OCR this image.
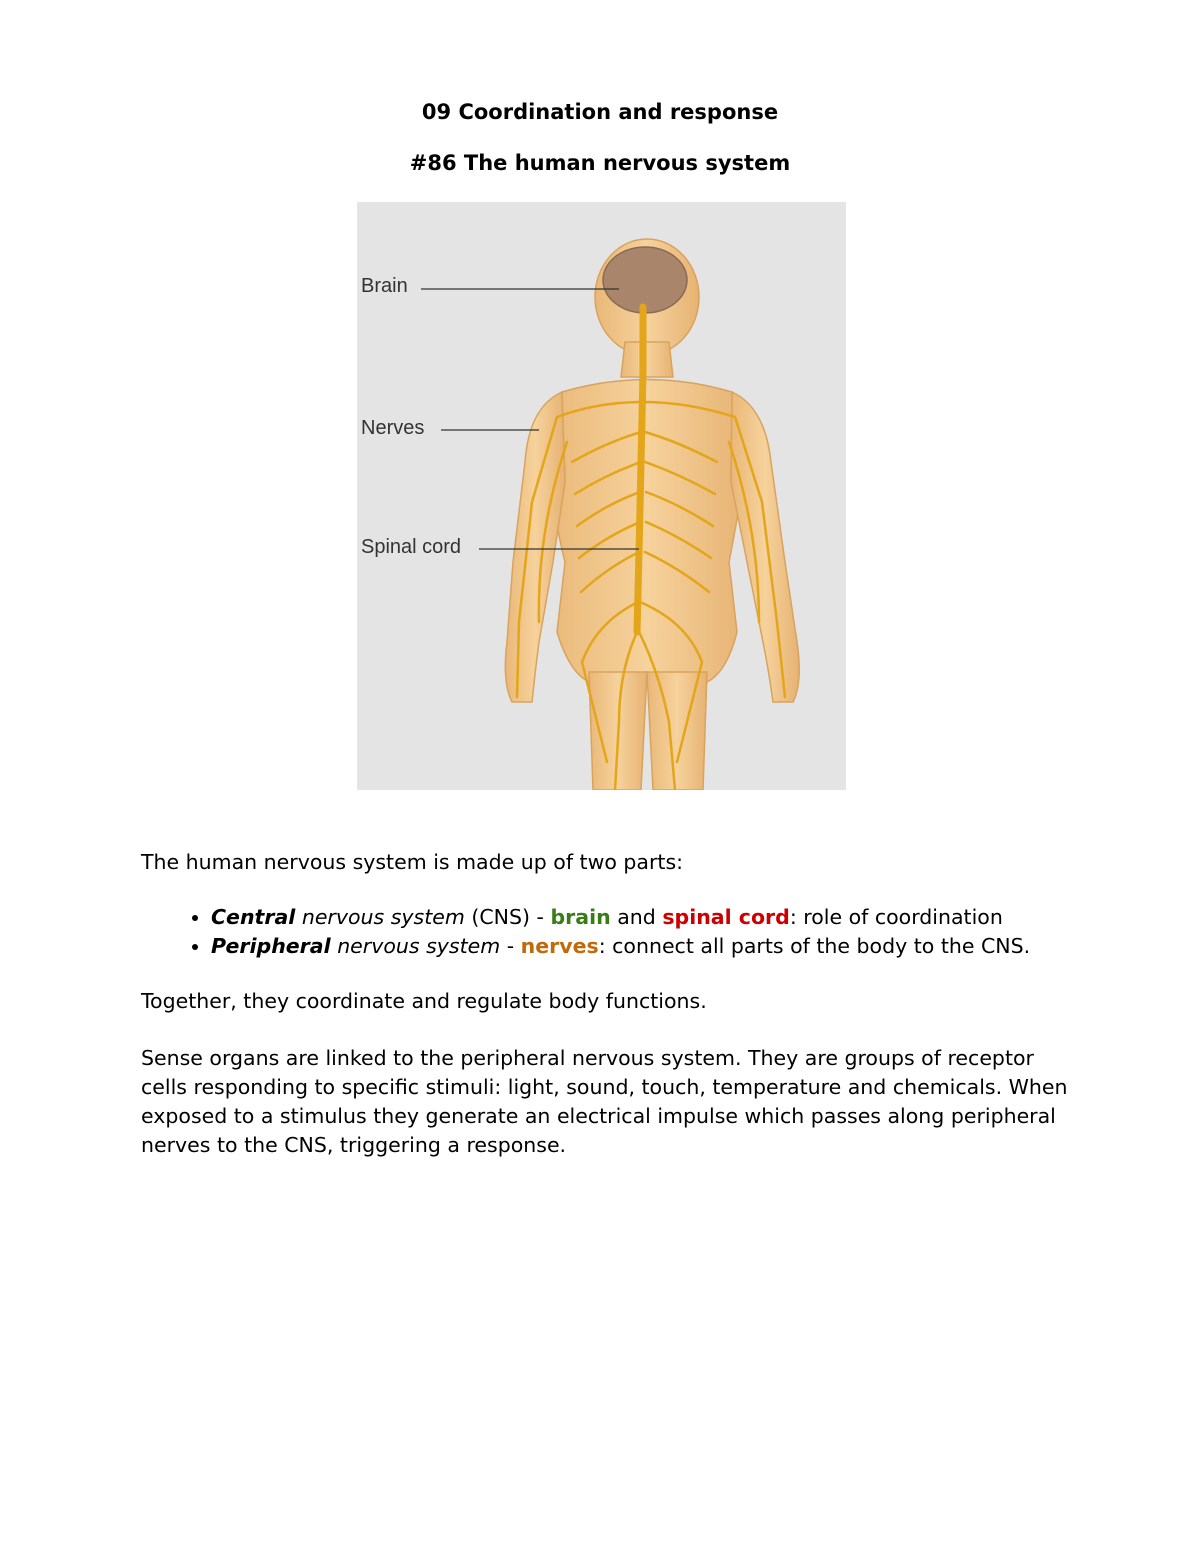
09 Coordination and response
#86 The human nervous system
Brain
Nerves
Spinal cord

The human nervous system is made up of two parts:

• Central nervous system (CNS) - brain and spinal cord: role of coordination
• Peripheral nervous system - nerves: connect all parts of the body to the CNS.

Together, they coordinate and regulate body functions.

Sense organs are linked to the peripheral nervous system. They are groups of receptor cells responding to specific stimuli: light, sound, touch, temperature and chemicals. When exposed to a stimulus they generate an electrical impulse which passes along peripheral nerves to the CNS, triggering a response.
